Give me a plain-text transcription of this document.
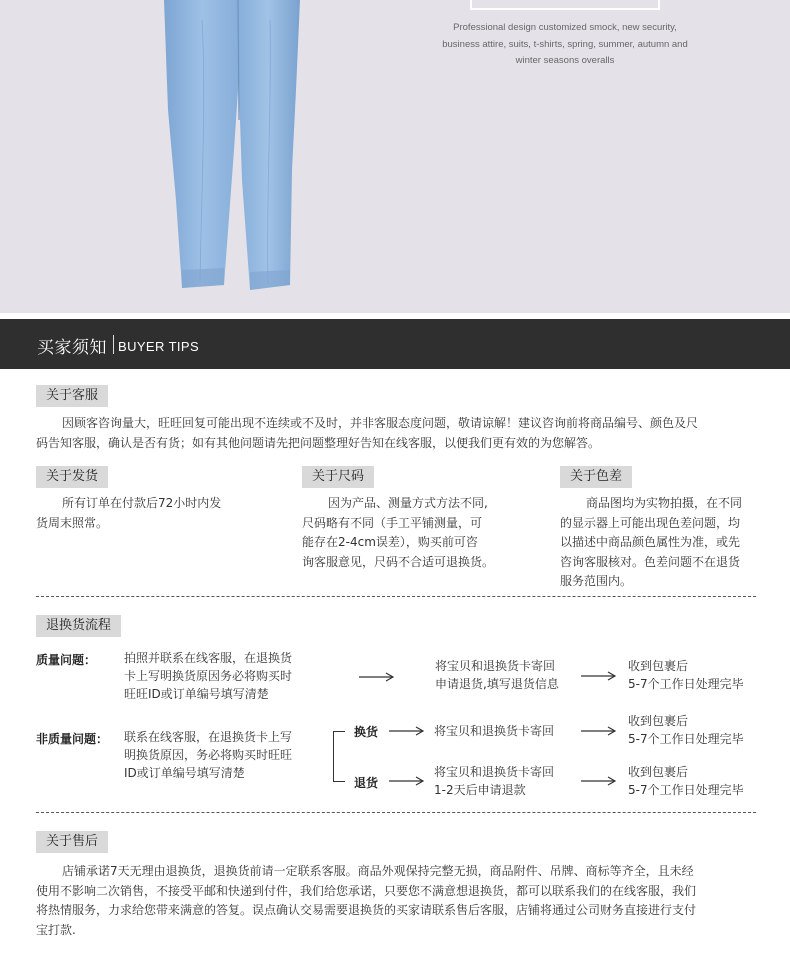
Professional design customized smock, new security,
business attire, suits, t-shirts, spring, summer, autumn and
winter seasons overalls
买家须知 BUYER TIPS
关于客服
因顾客咨询量大，旺旺回复可能出现不连续或不及时，并非客服态度问题，敬请谅解！建议咨询前将商品编号、颜色及尺
码告知客服，确认是否有货；如有其他问题请先把问题整理好告知在线客服，以便我们更有效的为您解答。
关于发货
所有订单在付款后72小时内发
货周末照常。
关于尺码
因为产品、测量方式方法不同,
尺码略有不同（手工平铺测量，可
能存在2-4cm误差），购买前可咨
询客服意见，尺码不合适可退换货。
关于色差
商品图均为实物拍摄，在不同
的显示器上可能出现色差问题，均
以描述中商品颜色属性为准，或先
咨询客服核对。色差问题不在退货
服务范围内。
退换货流程
质量问题： 拍照并联系在线客服，在退换货
卡上写明换货原因务必将购买时
旺旺ID或订单编号填写清楚
将宝贝和退换货卡寄回
申请退货,填写退货信息
收到包裹后
5-7个工作日处理完毕
非质量问题： 联系在线客服，在退换货卡上写
明换货原因，务必将购买时旺旺
ID或订单编号填写清楚
换货	将宝贝和退换货卡寄回
收到包裹后
5-7个工作日处理完毕
退货
将宝贝和退换货卡寄回
1-2天后申请退款
收到包裹后
5-7个工作日处理完毕
关于售后
店铺承诺7天无理由退换货，退换货前请一定联系客服。商品外观保持完整无损，商品附件、吊牌、商标等齐全，且未经
使用不影响二次销售，不接受平邮和快递到付件，我们给您承诺，只要您不满意想退换货，都可以联系我们的在线客服，我们
将热情服务，力求给您带来满意的答复。误点确认交易需要退换货的买家请联系售后客服，店铺将通过公司财务直接进行支付
宝打款.
